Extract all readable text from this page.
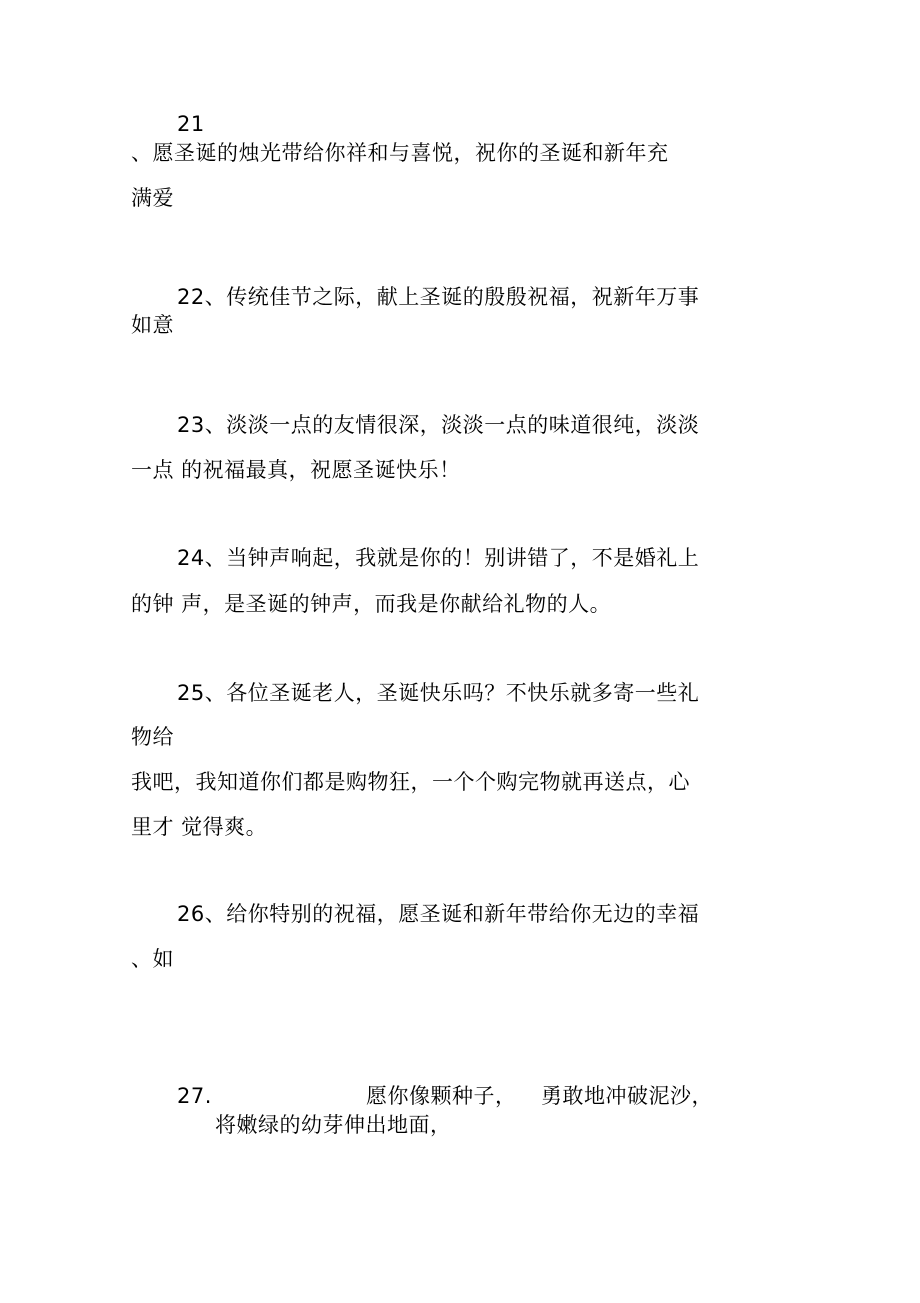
21
、愿圣诞的烛光带给你祥和与喜悦，祝你的圣诞和新年充
满爱
22、传统佳节之际，献上圣诞的殷殷祝福，祝新年万事
如意
23、淡淡一点的友情很深，淡淡一点的味道很纯，淡淡
一点 的祝福最真，祝愿圣诞快乐！
24、当钟声响起，我就是你的！别讲错了，不是婚礼上
的钟 声，是圣诞的钟声，而我是你献给礼物的人。
25、各位圣诞老人，圣诞快乐吗？不快乐就多寄一些礼
物给
我吧，我知道你们都是购物狂，一个个购完物就再送点，心
里才 觉得爽。
26、给你特别的祝福，愿圣诞和新年带给你无边的幸福
、如
27.	愿你像颗种子， 勇敢地冲破泥沙，
将嫩绿的幼芽伸出地面，
